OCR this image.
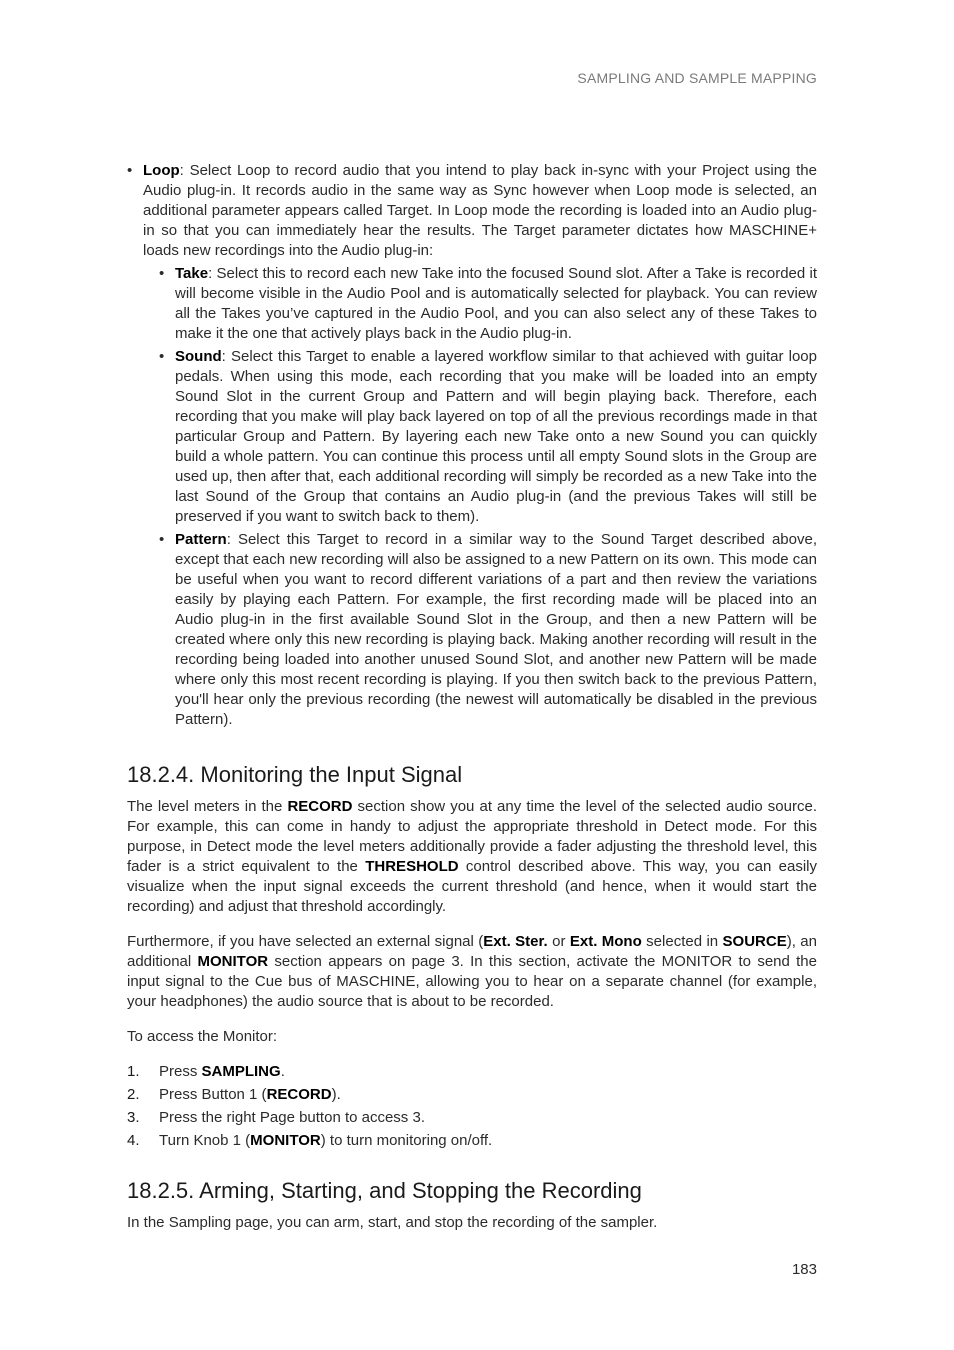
SAMPLING AND SAMPLE MAPPING
• Loop: Select Loop to record audio that you intend to play back in-sync with your Project using the Audio plug-in. It records audio in the same way as Sync however when Loop mode is selected, an additional parameter appears called Target. In Loop mode the recording is loaded into an Audio plug-in so that you can immediately hear the results. The Target parameter dictates how MASCHINE+ loads new recordings into the Audio plug-in:
• Take: Select this to record each new Take into the focused Sound slot. After a Take is recorded it will become visible in the Audio Pool and is automatically selected for playback. You can review all the Takes you’ve captured in the Audio Pool, and you can also select any of these Takes to make it the one that actively plays back in the Audio plug-in.
• Sound: Select this Target to enable a layered workflow similar to that achieved with guitar loop pedals. When using this mode, each recording that you make will be loaded into an empty Sound Slot in the current Group and Pattern and will begin playing back. Therefore, each recording that you make will play back layered on top of all the previous recordings made in that particular Group and Pattern. By layering each new Take onto a new Sound you can quickly build a whole pattern. You can continue this process until all empty Sound slots in the Group are used up, then after that, each additional recording will simply be recorded as a new Take into the last Sound of the Group that contains an Audio plug-in (and the previous Takes will still be preserved if you want to switch back to them).
• Pattern: Select this Target to record in a similar way to the Sound Target described above, except that each new recording will also be assigned to a new Pattern on its own. This mode can be useful when you want to record different variations of a part and then review the variations easily by playing each Pattern. For example, the first recording made will be placed into an Audio plug-in in the first available Sound Slot in the Group, and then a new Pattern will be created where only this new recording is playing back. Making another recording will result in the recording being loaded into another unused Sound Slot, and another new Pattern will be made where only this most recent recording is playing. If you then switch back to the previous Pattern, you'll hear only the previous recording (the newest will automatically be disabled in the previous Pattern).
18.2.4. Monitoring the Input Signal

The level meters in the RECORD section show you at any time the level of the selected audio source. For example, this can come in handy to adjust the appropriate threshold in Detect mode. For this purpose, in Detect mode the level meters additionally provide a fader adjusting the threshold level, this fader is a strict equivalent to the THRESHOLD control described above. This way, you can easily visualize when the input signal exceeds the current threshold (and hence, when it would start the recording) and adjust that threshold accordingly.

Furthermore, if you have selected an external signal (Ext. Ster. or Ext. Mono selected in SOURCE), an additional MONITOR section appears on page 3. In this section, activate the MONITOR to send the input signal to the Cue bus of MASCHINE, allowing you to hear on a separate channel (for example, your headphones) the audio source that is about to be recorded.

To access the Monitor:

1. Press SAMPLING.
2. Press Button 1 (RECORD).
3. Press the right Page button to access 3.
4. Turn Knob 1 (MONITOR) to turn monitoring on/off.
18.2.5. Arming, Starting, and Stopping the Recording

In the Sampling page, you can arm, start, and stop the recording of the sampler.

183
